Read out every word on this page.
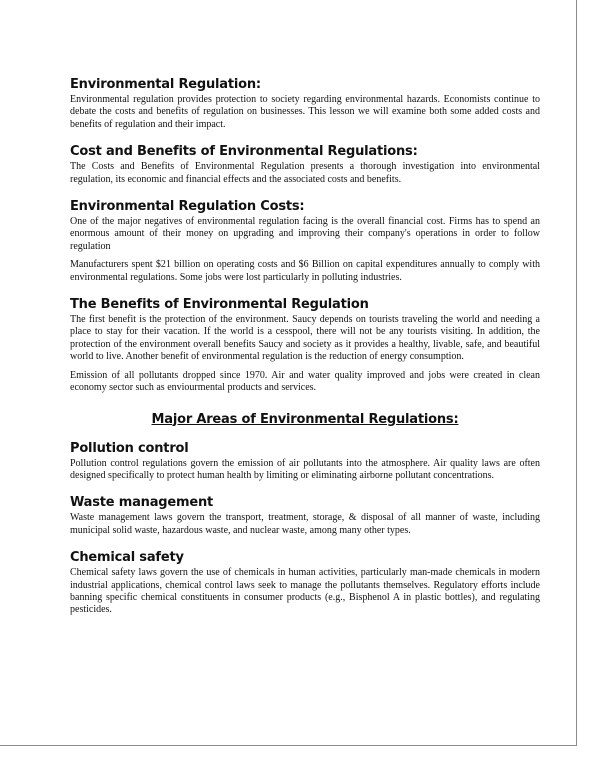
Environmental Regulation:

Environmental regulation provides protection to society regarding environmental hazards. Economists continue to debate the costs and benefits of regulation on businesses. This lesson we will examine both some added costs and benefits of regulation and their impact.

Cost and Benefits of Environmental Regulations:

The Costs and Benefits of Environmental Regulation presents a thorough investigation into environmental regulation, its economic and financial effects and the associated costs and benefits.

Environmental Regulation Costs:

One of the major negatives of environmental regulation facing is the overall financial cost. Firms has to spend an enormous amount of their money on upgrading and improving their company's operations in order to follow regulation

Manufacturers spent $21 billion on operating costs and $6 Billion on capital expenditures annually to comply with environmental regulations. Some jobs were lost particularly in polluting industries.

The Benefits of Environmental Regulation

The first benefit is the protection of the environment. Saucy depends on tourists traveling the world and needing a place to stay for their vacation. If the world is a cesspool, there will not be any tourists visiting. In addition, the protection of the environment overall benefits Saucy and society as it provides a healthy, livable, safe, and beautiful world to live. Another benefit of environmental regulation is the reduction of energy consumption.

Emission of all pollutants dropped since 1970. Air and water quality improved and jobs were created in clean economy sector such as enviourmental products and services.

Major Areas of Environmental Regulations:
Pollution control

Pollution control regulations govern the emission of air pollutants into the atmosphere. Air quality laws are often designed specifically to protect human health by limiting or eliminating airborne pollutant concentrations.

Waste management

Waste management laws govern the transport, treatment, storage, & disposal of all manner of waste, including municipal solid waste, hazardous waste, and nuclear waste, among many other types.

Chemical safety

Chemical safety laws govern the use of chemicals in human activities, particularly man-made chemicals in modern industrial applications, chemical control laws seek to manage the pollutants themselves. Regulatory efforts include banning specific chemical constituents in consumer products (e.g., Bisphenol A in plastic bottles), and regulating pesticides.
